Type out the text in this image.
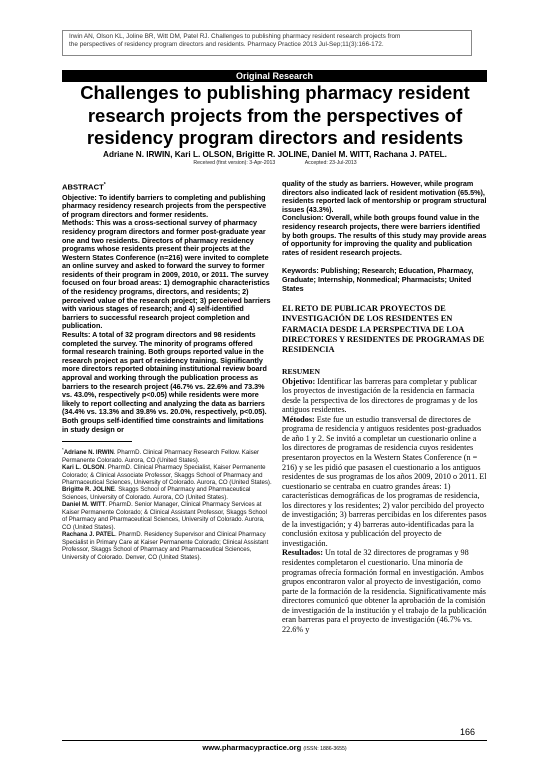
Irwin AN, Olson KL, Joline BR, Witt DM, Patel RJ. Challenges to publishing pharmacy resident research projects from
the perspectives of residency program directors and residents. Pharmacy Practice 2013 Jul-Sep;11(3):166-172.
Original Research
Challenges to publishing pharmacy resident
research projects from the perspectives of
residency program directors and residents
Adriane N. IRWIN, Kari L. OLSON, Brigitte R. JOLINE, Daniel M. WITT, Rachana J. PATEL.
Received (first version): 3-Apr-2013	Accepted: 23-Jul-2013
ABSTRACT*

Objective: To identify barriers to completing and publishing pharmacy residency research projects from the perspective of program directors and former residents.

Methods: This was a cross-sectional survey of pharmacy residency program directors and former post-graduate year one and two residents. Directors of pharmacy residency programs whose residents present their projects at the Western States Conference (n=216) were invited to complete an online survey and asked to forward the survey to former residents of their program in 2009, 2010, or 2011. The survey focused on four broad areas: 1) demographic characteristics of the residency programs, directors, and residents; 2) perceived value of the research project; 3) perceived barriers with various stages of research; and 4) self-identified barriers to successful research project completion and publication.

Results: A total of 32 program directors and 98 residents completed the survey. The minority of programs offered formal research training. Both groups reported value in the research project as part of residency training. Significantly more directors reported obtaining institutional review board approval and working through the publication process as barriers to the research project (46.7% vs. 22.6% and 73.3% vs. 43.0%, respectively p<0.05) while residents were more likely to report collecting and analyzing the data as barriers (34.4% vs. 13.3% and 39.8% vs. 20.0%, respectively, p<0.05). Both groups self-identified time constraints and limitations in study design or

*Adriane N. IRWIN. PharmD. Clinical Pharmacy Research Fellow. Kaiser Permanente Colorado. Aurora, CO (United States).

Kari L. OLSON. PharmD. Clinical Pharmacy Specialist, Kaiser Permanente Colorado; & Clinical Associate Professor, Skaggs School of Pharmacy and Pharmaceutical Sciences, University of Colorado. Aurora, CO (United States).

Brigitte R. JOLINE. Skaggs School of Pharmacy and Pharmaceutical Sciences, University of Colorado. Aurora, CO (United States).

Daniel M. WITT. PharmD. Senior Manager, Clinical Pharmacy Services at Kaiser Permanente Colorado; & Clinical Assistant Professor, Skaggs School of Pharmacy and Pharmaceutical Sciences, University of Colorado. Aurora, CO (United States).

Rachana J. PATEL. PharmD. Residency Supervisor and Clinical Pharmacy Specialist in Primary Care at Kaiser Permanente Colorado; Clinical Assistant Professor, Skaggs School of Pharmacy and Pharmaceutical Sciences, University of Colorado. Denver, CO (United States).

quality of the study as barriers. However, while program directors also indicated lack of resident motivation (65.5%), residents reported lack of mentorship or program structural issues (43.3%).

Conclusion: Overall, while both groups found value in the residency research projects, there were barriers identified by both groups. The results of this study may provide areas of opportunity for improving the quality and publication rates of resident research projects.

Keywords: Publishing; Research; Education, Pharmacy, Graduate; Internship, Nonmedical; Pharmacists; United States

EL RETO DE PUBLICAR PROYECTOS DE INVESTIGACIÓN DE LOS RESIDENTES EN FARMACIA DESDE LA PERSPECTIVA DE LOA DIRECTORES Y RESIDENTES DE PROGRAMAS DE RESIDENCIA
RESUMEN

Objetivo: Identificar las barreras para completar y publicar los proyectos de investigación de la residencia en farmacia desde la perspectiva de los directores de programas y de los antiguos residentes.

Métodos: Este fue un estudio transversal de directores de programa de residencia y antiguos residentes post-graduados de año 1 y 2. Se invitó a completar un cuestionario online a los directores de programas de residencia cuyos residentes presentaron proyectos en la Western States Conference (n = 216) y se les pidió que pasasen el cuestionario a los antiguos residentes de sus programas de los años 2009, 2010 o 2011. El cuestionario se centraba en cuatro grandes áreas: 1) características demográficas de los programas de residencia, los directores y los residentes; 2) valor percibido del proyecto de investigación; 3) barreras percibidas en los diferentes pasos de la investigación; y 4) barreras auto-identificadas para la conclusión exitosa y publicación del proyecto de investigación.

Resultados: Un total de 32 directores de programas y 98 residentes completaron el cuestionario. Una minoría de programas ofrecía formación formal en investigación. Ambos grupos encontraron valor al proyecto de investigación, como parte de la formación de la residencia. Significativamente más directores comunicó que obtener la aprobación de la comisión de investigación de la institución y el trabajo de la publicación eran barreras para el proyecto de investigación (46.7% vs. 22.6% y

166
www.pharmacypractice.org (ISSN: 1886-3655)
